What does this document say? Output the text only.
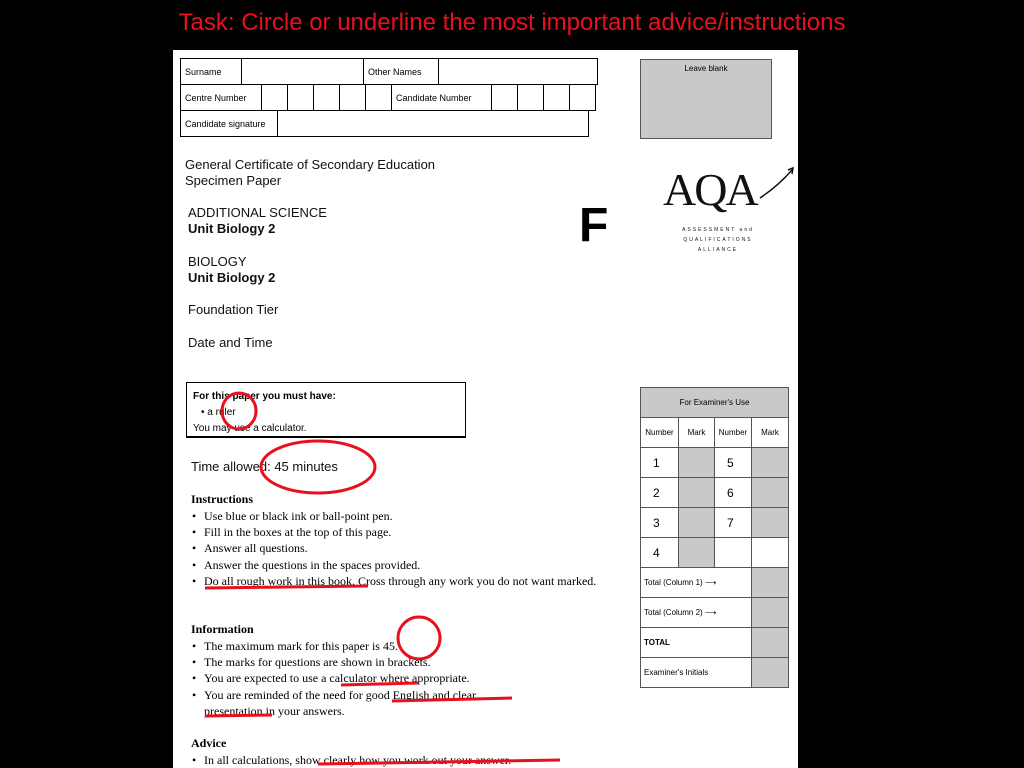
Task: Circle or underline the most important advice/instructions
Surname		Other Names	
Centre Number						Candidate Number				
Candidate signature	
Leave blank
General Certificate of Secondary Education
Specimen Paper
ADDITIONAL SCIENCE
Unit Biology 2
BIOLOGY
Unit Biology 2
Foundation Tier
Date and Time
F
AQA
ASSESSMENT and
QUALIFICATIONS
ALLIANCE
For this paper you must have:
• a ruler
You may use a calculator.
Time allowed: 45 minutes
Instructions
• Use blue or black ink or ball-point pen.
• Fill in the boxes at the top of this page.
• Answer all questions.
• Answer the questions in the spaces provided.
• Do all rough work in this book. Cross through any work you do not want marked.
Information
• The maximum mark for this paper is 45.
• The marks for questions are shown in brackets.
• You are expected to use a calculator where appropriate.
• You are reminded of the need for good English and clear presentation in your answers.
Advice
• In all calculations, show clearly how you work out your answer.
For Examiner's Use			
Number	Mark	Number	Mark
1		5	
2		6	
3		7	
4			
Total (Column 1) ⟶			
Total (Column 2) ⟶			
TOTAL			
Examiner's Initials			
